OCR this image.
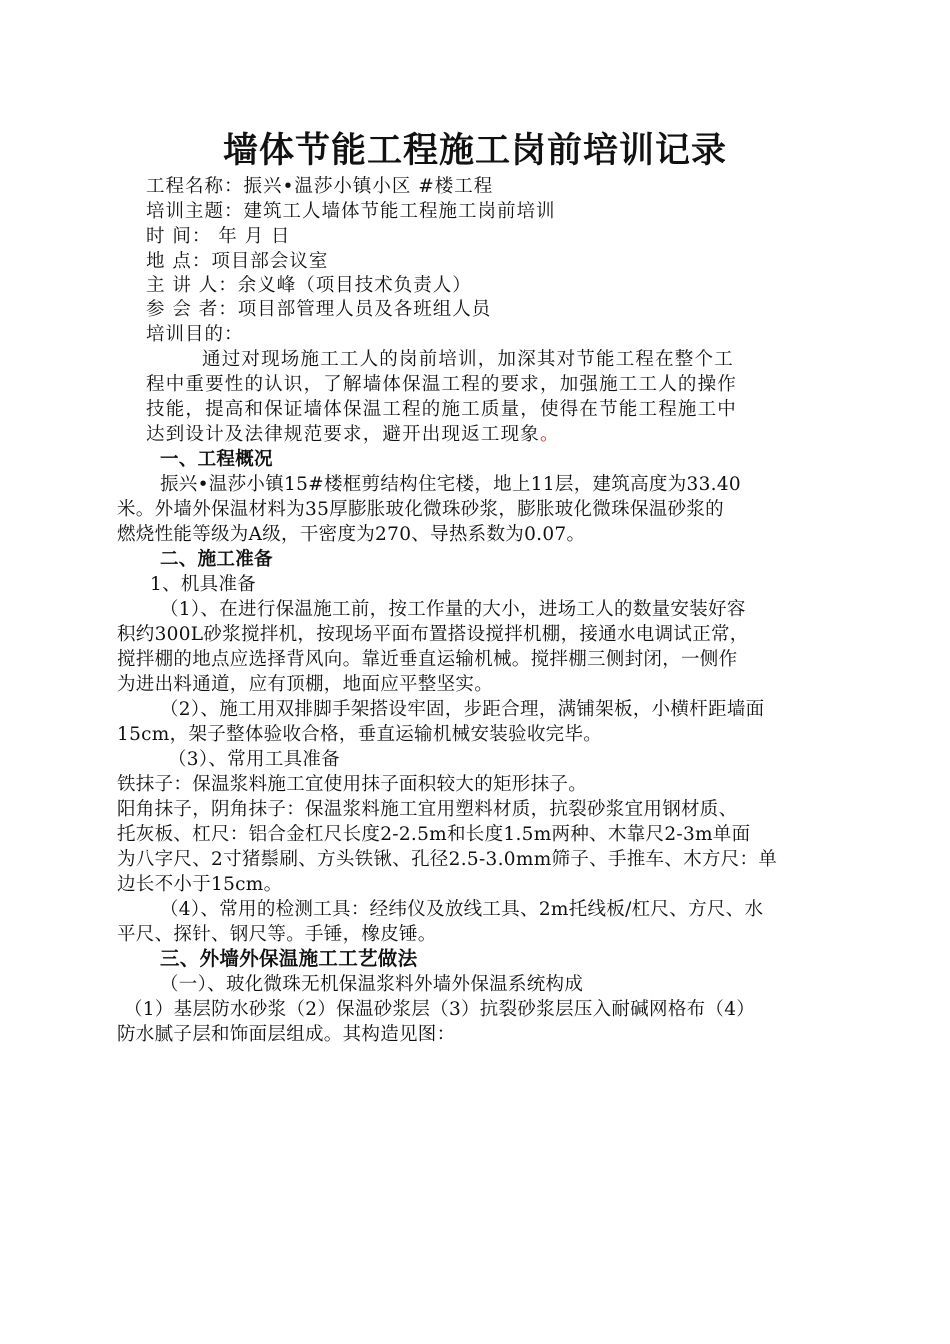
墙体节能工程施工岗前培训记录
工程名称：振兴•温莎小镇小区 #楼工程
培训主题：建筑工人墙体节能工程施工岗前培训
时 间： 年 月 日
地 点：项目部会议室
主 讲 人：余义峰（项目技术负责人）
参 会 者：项目部管理人员及各班组人员
培训目的：
通过对现场施工工人的岗前培训，加深其对节能工程在整个工
程中重要性的认识，了解墙体保温工程的要求，加强施工工人的操作
技能，提高和保证墙体保温工程的施工质量，使得在节能工程施工中
达到设计及法律规范要求，避开出现返工现象。
一、工程概况
振兴•温莎小镇15#楼框剪结构住宅楼，地上11层，建筑高度为33.40
米。外墙外保温材料为35厚膨胀玻化微珠砂浆，膨胀玻化微珠保温砂浆的
燃烧性能等级为A级，干密度为270、导热系数为0.07。
二、施工准备
1、机具准备
（1）、在进行保温施工前，按工作量的大小，进场工人的数量安装好容
积约300L砂浆搅拌机，按现场平面布置搭设搅拌机棚，接通水电调试正常，
搅拌棚的地点应选择背风向。靠近垂直运输机械。搅拌棚三侧封闭，一侧作
为进出料通道，应有顶棚，地面应平整坚实。
（2）、施工用双排脚手架搭设牢固，步距合理，满铺架板，小横杆距墙面
15cm，架子整体验收合格，垂直运输机械安装验收完毕。
（3）、常用工具准备
铁抹子：保温浆料施工宜使用抹子面积较大的矩形抹子。
阳角抹子，阴角抹子：保温浆料施工宜用塑料材质，抗裂砂浆宜用钢材质、
托灰板、杠尺：铝合金杠尺长度2-2.5m和长度1.5m两种、木靠尺2-3m单面
为八字尺、2寸猪鬃刷、方头铁锹、孔径2.5-3.0mm筛子、手推车、木方尺：单
边长不小于15cm。
（4）、常用的检测工具：经纬仪及放线工具、2m托线板/杠尺、方尺、水
平尺、探针、钢尺等。手锤，橡皮锤。
三、外墙外保温施工工艺做法
（一）、玻化微珠无机保温浆料外墙外保温系统构成
（1）基层防水砂浆（2）保温砂浆层（3）抗裂砂浆层压入耐碱网格布（4）
防水腻子层和饰面层组成。其构造见图：
